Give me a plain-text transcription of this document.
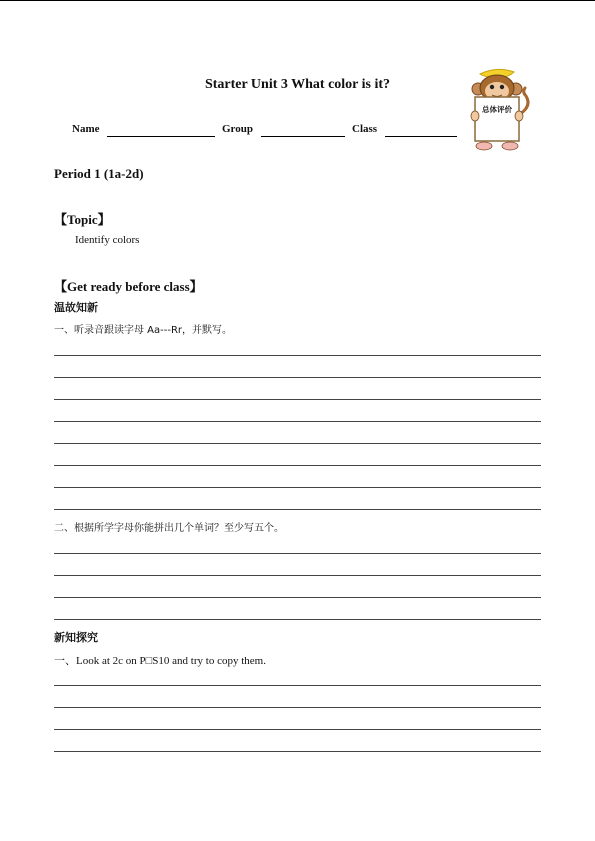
Starter Unit 3 What color is it?
总体评价
Name	Group	Class
Period 1 (1a-2d)
【Topic】
Identify colors
【Get ready before class】
温故知新
一、听录音跟读字母 Aa---Rr，并默写。
二、根据所学字母你能拼出几个单词？至少写五个。
新知探究
一、Look at 2c on P□S10 and try to copy them.
